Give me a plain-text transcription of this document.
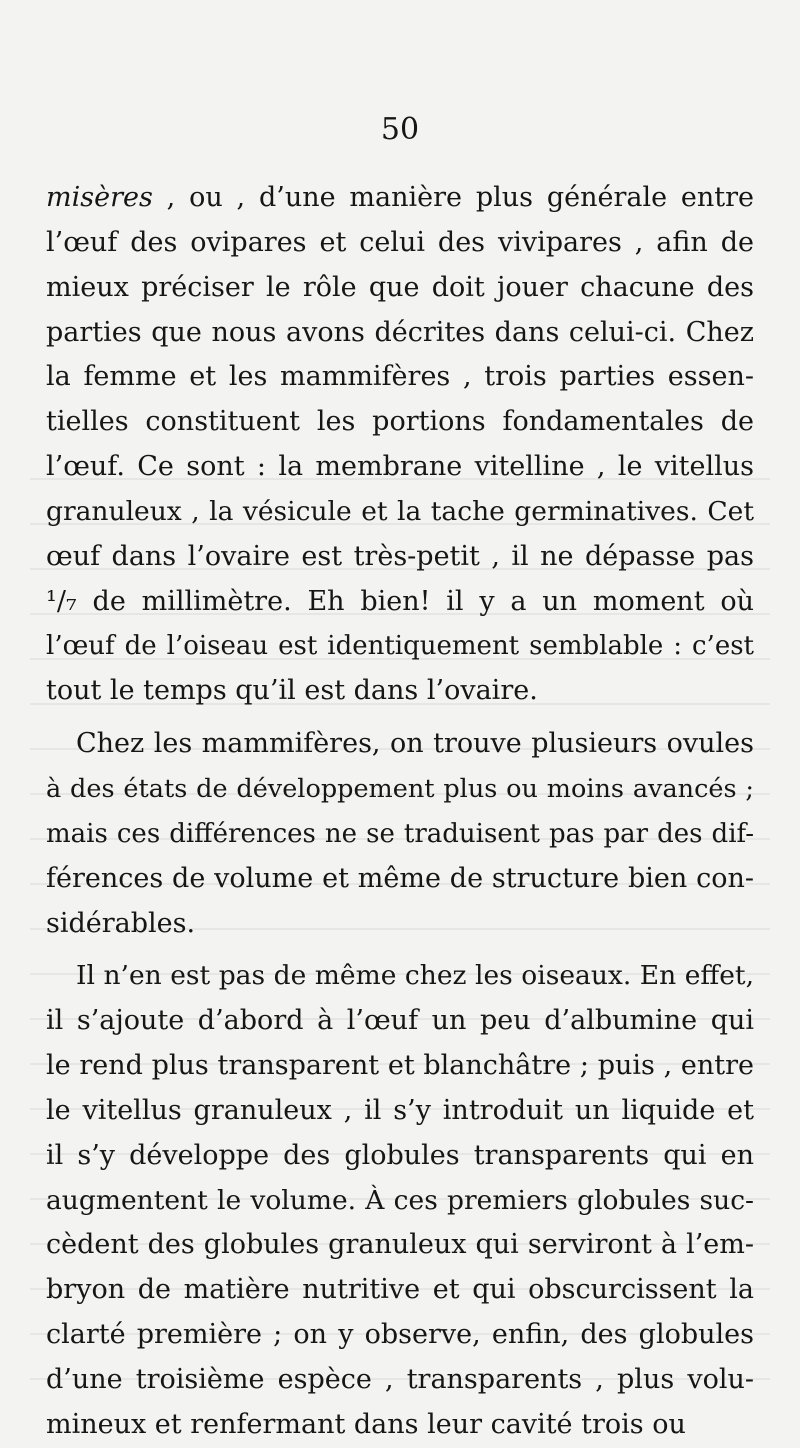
50
misères , ou , d’une manière plus générale entre
l’œuf des ovipares et celui des vivipares , afin de
mieux préciser le rôle que doit jouer chacune des
parties que nous avons décrites dans celui-ci. Chez
la femme et les mammifères , trois parties essen-
tielles constituent les portions fondamentales de
l’œuf. Ce sont : la membrane vitelline , le vitellus
granuleux , la vésicule et la tache germinatives. Cet
œuf dans l’ovaire est très-petit , il ne dépasse pas
¹/₇ de millimètre. Eh bien! il y a un moment où
l’œuf de l’oiseau est identiquement semblable : c’est
tout le temps qu’il est dans l’ovaire.
Chez les mammifères, on trouve plusieurs ovules
à des états de développement plus ou moins avancés ;
mais ces différences ne se traduisent pas par des dif-
férences de volume et même de structure bien con-
sidérables.
Il n’en est pas de même chez les oiseaux. En effet,
il s’ajoute d’abord à l’œuf un peu d’albumine qui
le rend plus transparent et blanchâtre ; puis , entre
le vitellus granuleux , il s’y introduit un liquide et
il s’y développe des globules transparents qui en
augmentent le volume. À ces premiers globules suc-
cèdent des globules granuleux qui serviront à l’em-
bryon de matière nutritive et qui obscurcissent la
clarté première ; on y observe, enfin, des globules
d’une troisième espèce , transparents , plus volu-
mineux et renfermant dans leur cavité trois ou
